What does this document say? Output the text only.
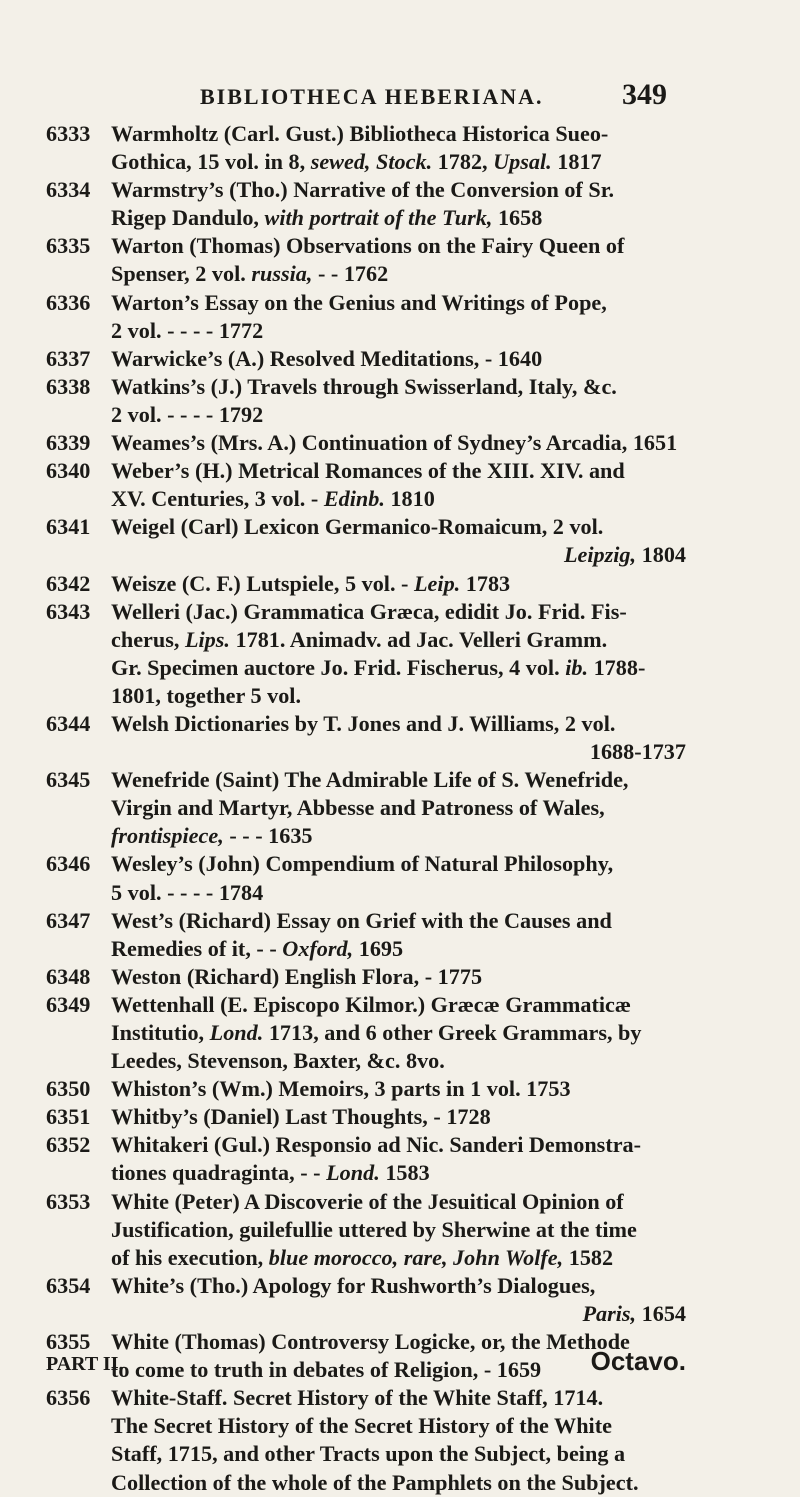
BIBLIOTHECA HEBERIANA.	349
6333 Warmholtz (Carl. Gust.) Bibliotheca Historica Sueo-
Gothica, 15 vol. in 8, sewed, Stock. 1782, Upsal. 1817
6334 Warmstry’s (Tho.) Narrative of the Conversion of Sr.
Rigep Dandulo, with portrait of the Turk, 1658
6335 Warton (Thomas) Observations on the Fairy Queen of
Spenser, 2 vol. russia, - - 1762
6336 Warton’s Essay on the Genius and Writings of Pope,
2 vol. - - - - 1772
6337 Warwicke’s (A.) Resolved Meditations, - 1640
6338 Watkins’s (J.) Travels through Swisserland, Italy, &c.
2 vol. - - - - 1792
6339 Weames’s (Mrs. A.) Continuation of Sydney’s Arcadia, 1651
6340 Weber’s (H.) Metrical Romances of the XIII. XIV. and
XV. Centuries, 3 vol. - Edinb. 1810
6341 Weigel (Carl) Lexicon Germanico-Romaicum, 2 vol.
Leipzig, 1804
6342 Weisze (C. F.) Lutspiele, 5 vol. - Leip. 1783
6343 Welleri (Jac.) Grammatica Græca, edidit Jo. Frid. Fis-
cherus, Lips. 1781. Animadv. ad Jac. Velleri Gramm.
Gr. Specimen auctore Jo. Frid. Fischerus, 4 vol. ib. 1788-
1801, together 5 vol.
6344 Welsh Dictionaries by T. Jones and J. Williams, 2 vol.
1688-1737
6345 Wenefride (Saint) The Admirable Life of S. Wenefride,
Virgin and Martyr, Abbesse and Patroness of Wales,
frontispiece, - - - 1635
6346 Wesley’s (John) Compendium of Natural Philosophy,
5 vol. - - - - 1784
6347 West’s (Richard) Essay on Grief with the Causes and
Remedies of it, - - Oxford, 1695
6348 Weston (Richard) English Flora, - 1775
6349 Wettenhall (E. Episcopo Kilmor.) Græcæ Grammaticæ
Institutio, Lond. 1713, and 6 other Greek Grammars, by
Leedes, Stevenson, Baxter, &c. 8vo.
6350 Whiston’s (Wm.) Memoirs, 3 parts in 1 vol. 1753
6351 Whitby’s (Daniel) Last Thoughts, - 1728
6352 Whitakeri (Gul.) Responsio ad Nic. Sanderi Demonstra-
tiones quadraginta, - - Lond. 1583
6353 White (Peter) A Discoverie of the Jesuitical Opinion of
Justification, guilefullie uttered by Sherwine at the time
of his execution, blue morocco, rare, John Wolfe, 1582
6354 White’s (Tho.) Apology for Rushworth’s Dialogues,
Paris, 1654
6355 White (Thomas) Controversy Logicke, or, the Methode
to come to truth in debates of Religion, - 1659
6356 White-Staff. Secret History of the White Staff, 1714.
The Secret History of the Secret History of the White
Staff, 1715, and other Tracts upon the Subject, being a
Collection of the whole of the Pamphlets on the Subject.
PART II.	Octavo.
